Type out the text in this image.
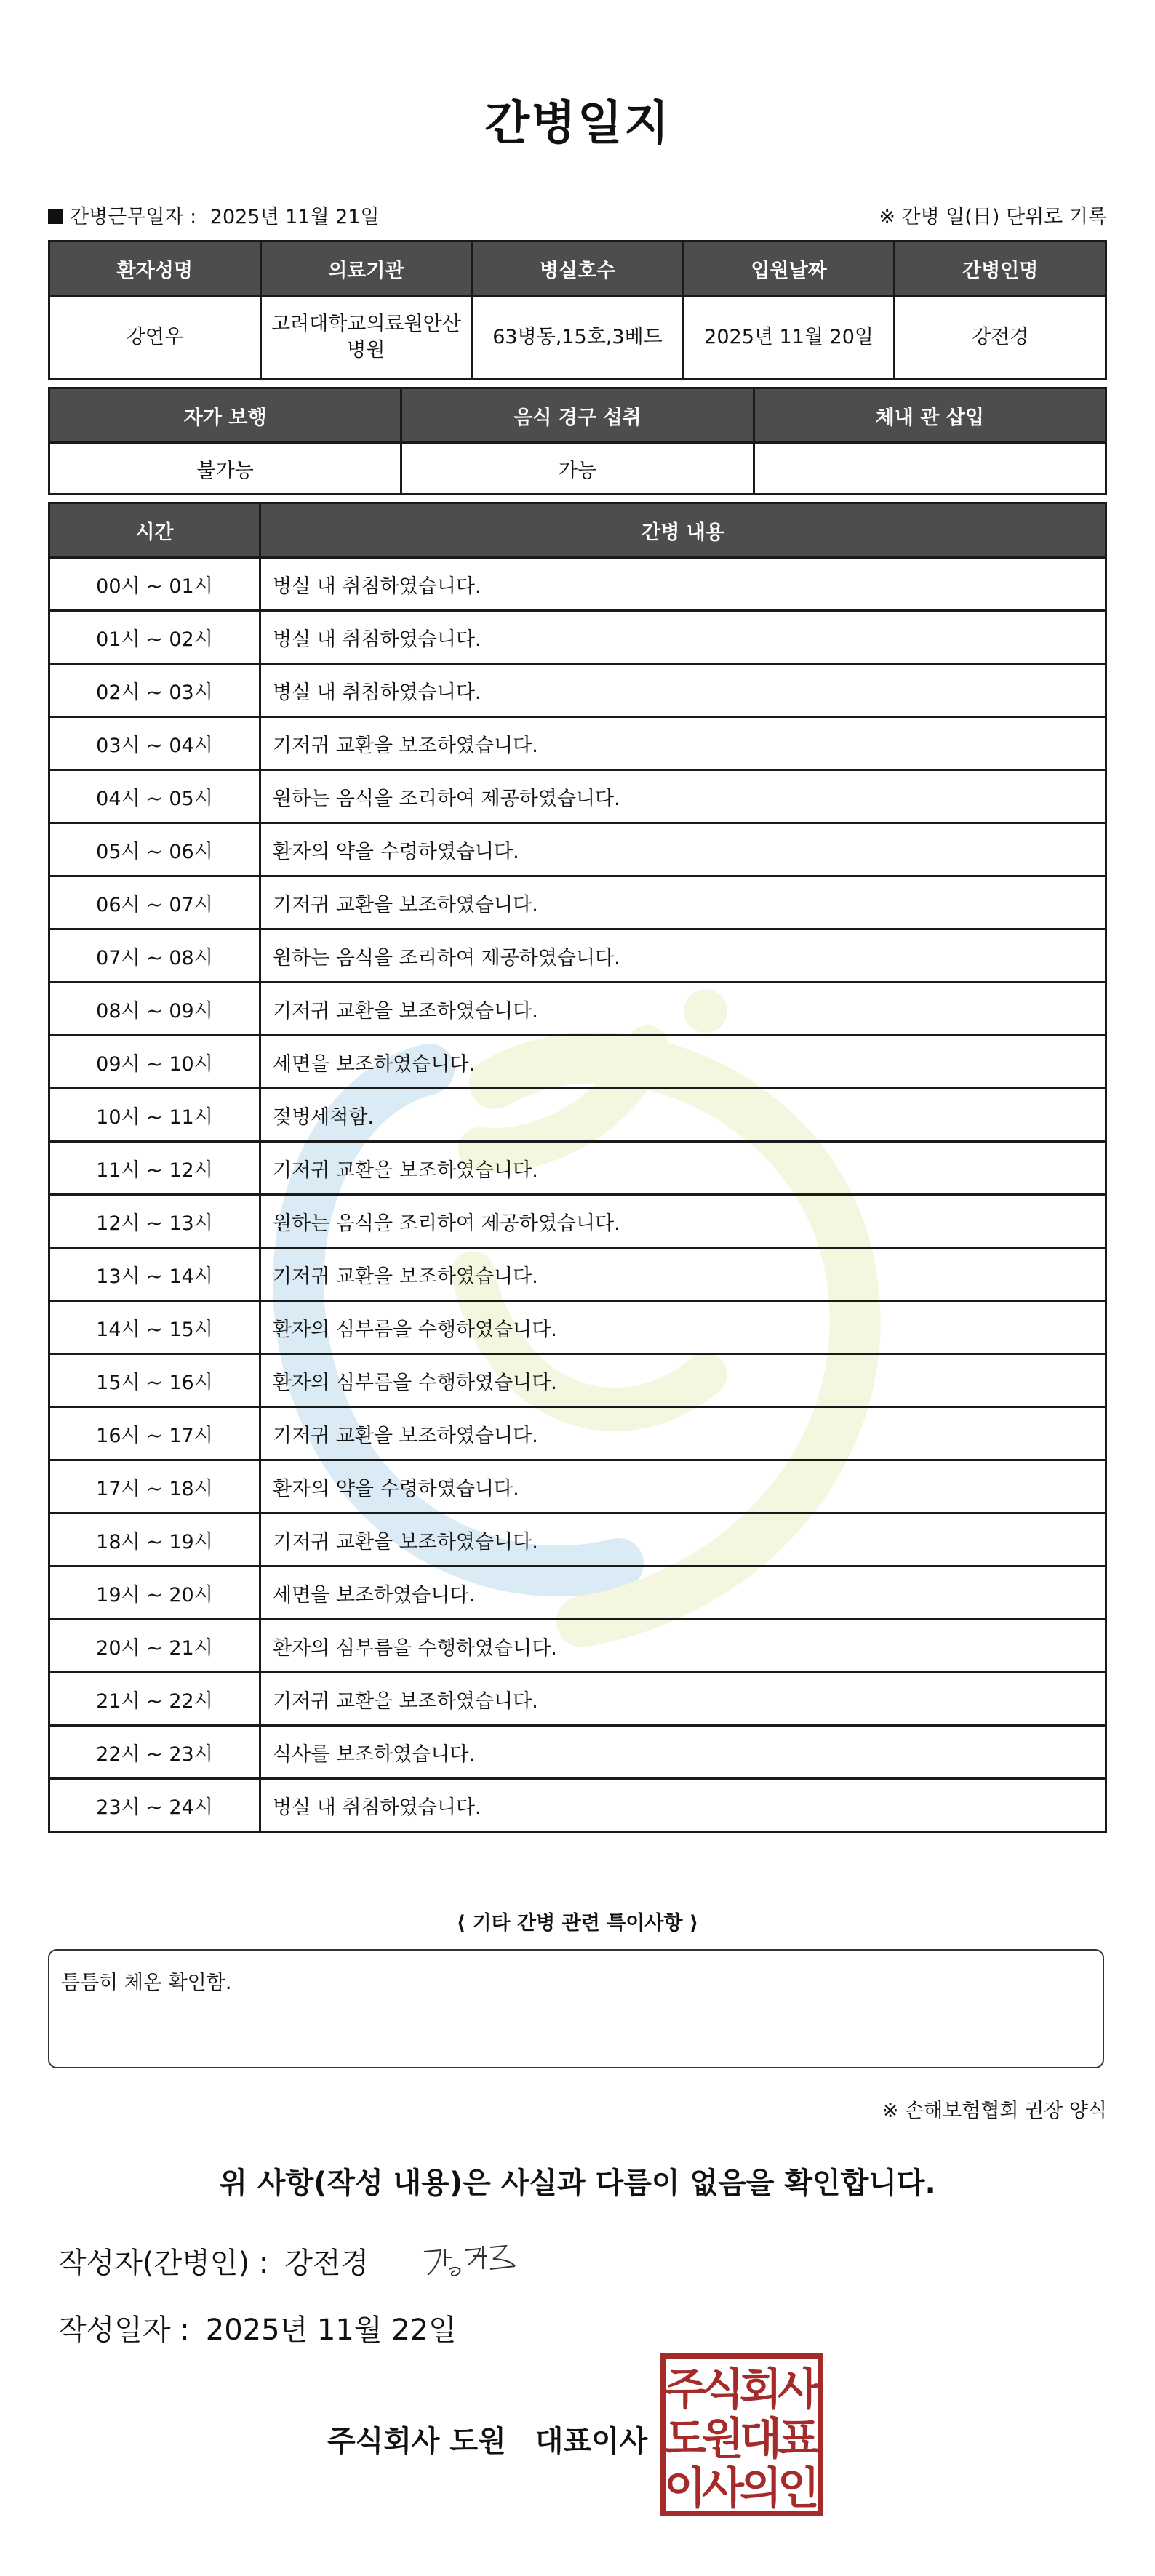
간병일지
간병근무일자 : 2025년 11월 21일	※ 간병 일(日) 단위로 기록
환자성명	의료기관	병실호수	입원날짜	간병인명
강연우	고려대학교의료원안산병원	63병동,15호,3베드	2025년 11월 20일	강전경
자가 보행	음식 경구 섭취	체내 관 삽입
불가능	가능	
시간	간병 내용
00시 ~ 01시	병실 내 취침하였습니다.
01시 ~ 02시	병실 내 취침하였습니다.
02시 ~ 03시	병실 내 취침하였습니다.
03시 ~ 04시	기저귀 교환을 보조하였습니다.
04시 ~ 05시	원하는 음식을 조리하여 제공하였습니다.
05시 ~ 06시	환자의 약을 수령하였습니다.
06시 ~ 07시	기저귀 교환을 보조하였습니다.
07시 ~ 08시	원하는 음식을 조리하여 제공하였습니다.
08시 ~ 09시	기저귀 교환을 보조하였습니다.
09시 ~ 10시	세면을 보조하였습니다.
10시 ~ 11시	젖병세척함.
11시 ~ 12시	기저귀 교환을 보조하였습니다.
12시 ~ 13시	원하는 음식을 조리하여 제공하였습니다.
13시 ~ 14시	기저귀 교환을 보조하였습니다.
14시 ~ 15시	환자의 심부름을 수행하였습니다.
15시 ~ 16시	환자의 심부름을 수행하였습니다.
16시 ~ 17시	기저귀 교환을 보조하였습니다.
17시 ~ 18시	환자의 약을 수령하였습니다.
18시 ~ 19시	기저귀 교환을 보조하였습니다.
19시 ~ 20시	세면을 보조하였습니다.
20시 ~ 21시	환자의 심부름을 수행하였습니다.
21시 ~ 22시	기저귀 교환을 보조하였습니다.
22시 ~ 23시	식사를 보조하였습니다.
23시 ~ 24시	병실 내 취침하였습니다.
⟨ 기타 간병 관련 특이사항 ⟩
틈틈히 체온 확인함.
※ 손해보험협회 권장 양식
위 사항(작성 내용)은 사실과 다름이 없음을 확인합니다.
작성자(간병인) : 강전경
작성일자 : 2025년 11월 22일
주식회사 도원 대표이사
주
식
회
사
도
원
대
표
이
사
의
인
